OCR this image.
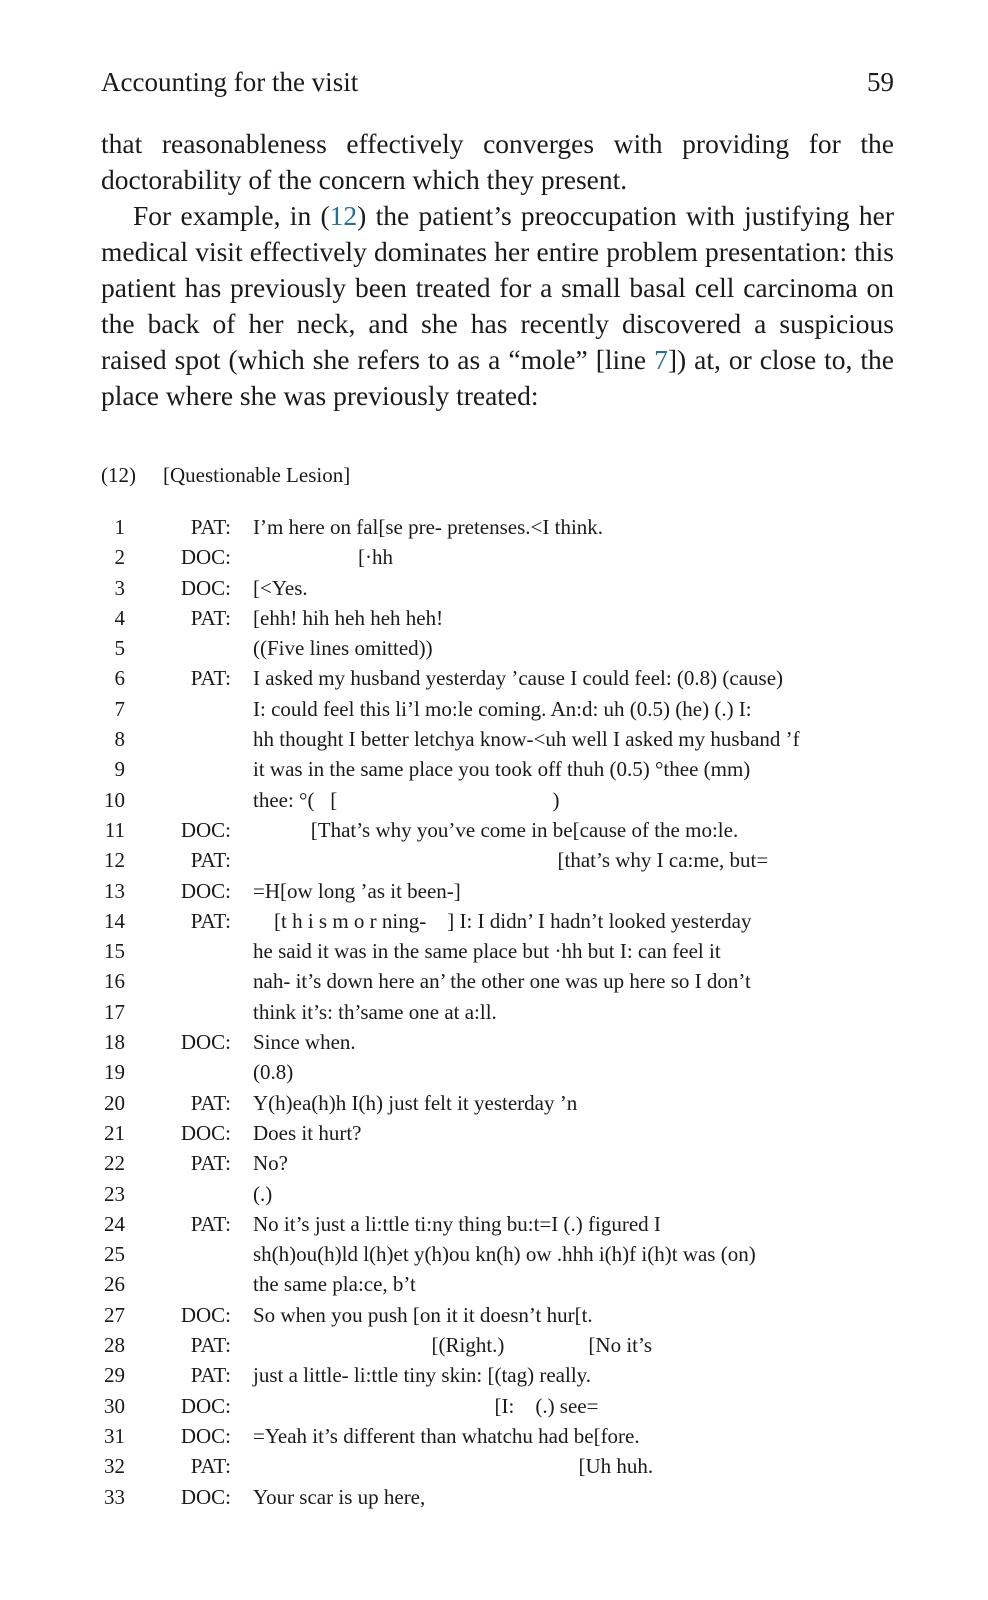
Accounting for the visit	59

that reasonableness effectively converges with providing for the doctorability of the concern which they present.

For example, in (12) the patient’s preoccupation with justifying her medical visit effectively dominates her entire problem presentation: this patient has previously been treated for a small basal cell carcinoma on the back of her neck, and she has recently discovered a suspicious raised spot (which she refers to as a “mole” [line 7]) at, or close to, the place where she was previously treated:

(12) [Questionable Lesion]
1	PAT: I’m here on fal[se pre- pretenses.<I think.
2	DOC: [·hh
3	DOC: [<Yes.
4	PAT: [ehh! hih heh heh heh!
5	((Five lines omitted))
6	PAT: I asked my husband yesterday ’cause I could feel: (0.8) (cause)
7	I: could feel this li’l mo:le coming. An:d: uh (0.5) (he) (.) I:
8	hh thought I better letchya know-<uh well I asked my husband ’f
9	it was in the same place you took off thuh (0.5) °thee (mm)
10	thee: °(   [                                         )
11	DOC: [That’s why you’ve come in be[cause of the mo:le.
12	PAT: [that’s why I ca:me, but=
13	DOC: =H[ow long ’as it been-]
14	PAT: [t h i s m o r ning-    ] I: I didn’ I hadn’t looked yesterday
15	he said it was in the same place but ·hh but I: can feel it
16	nah- it’s down here an’ the other one was up here so I don’t
17	think it’s: th’same one at a:ll.
18	DOC: Since when.
19	(0.8)
20	PAT: Y(h)ea(h)h I(h) just felt it yesterday ’n
21	DOC: Does it hurt?
22	PAT: No?
23	(.)
24	PAT: No it’s just a li:ttle ti:ny thing bu:t=I (.) figured I
25	sh(h)ou(h)ld l(h)et y(h)ou kn(h) ow .hhh i(h)f i(h)t was (on)
26	the same pla:ce, b’t
27	DOC: So when you push [on it it doesn’t hur[t.
28	PAT: [(Right.)                [No it’s
29	PAT: just a little- li:ttle tiny skin: [(tag) really.
30	DOC: [I:    (.) see=
31	DOC: =Yeah it’s different than whatchu had be[fore.
32	PAT: [Uh huh.
33	DOC: Your scar is up here,
